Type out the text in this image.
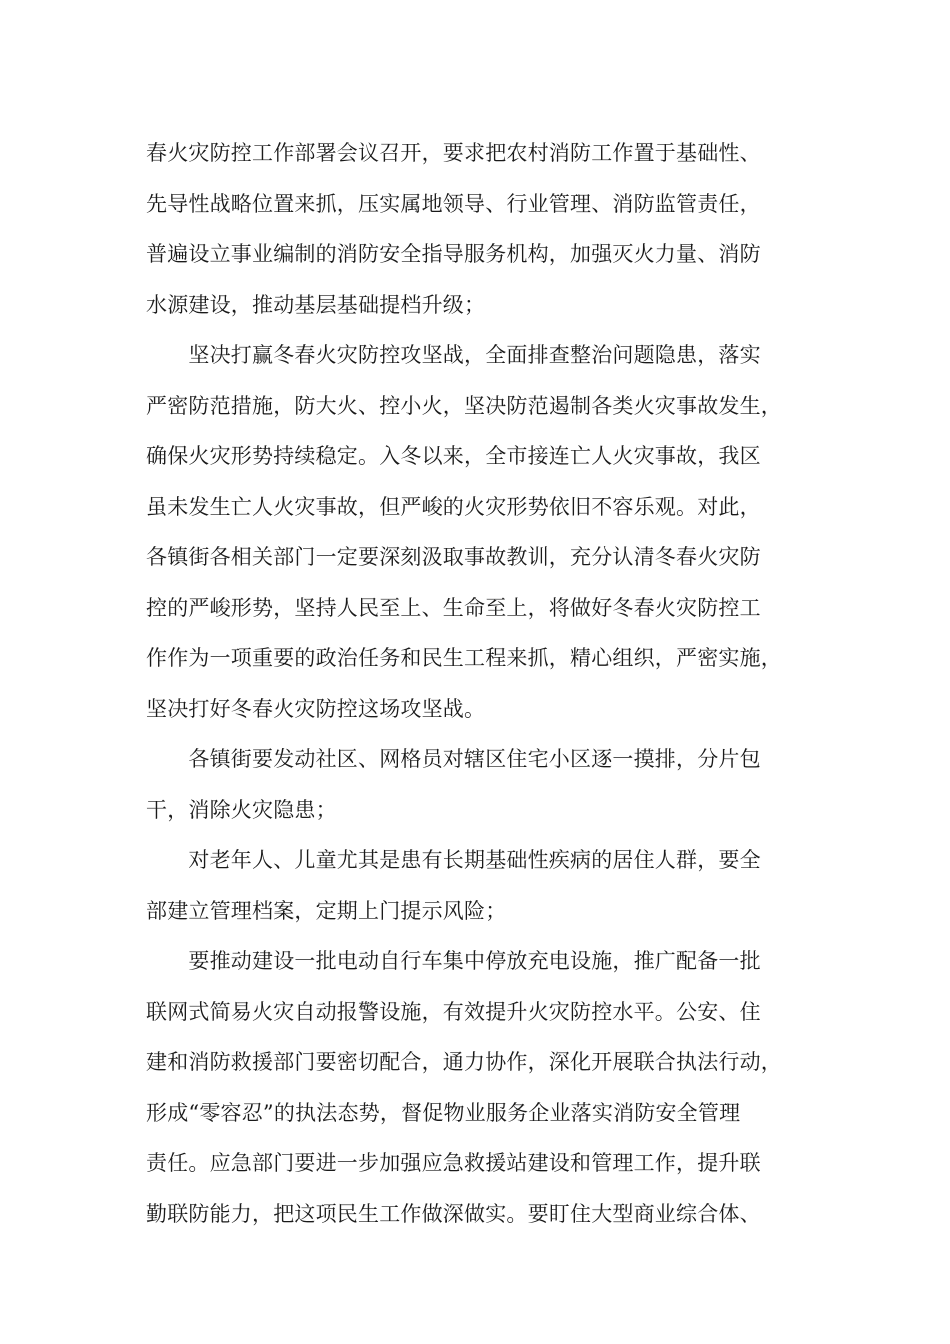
春火灾防控工作部署会议召开，要求把农村消防工作置于基础性、
先导性战略位置来抓，压实属地领导、行业管理、消防监管责任，
普遍设立事业编制的消防安全指导服务机构，加强灭火力量、消防
水源建设，推动基层基础提档升级；

　　坚决打赢冬春火灾防控攻坚战，全面排查整治问题隐患，落实
严密防范措施，防大火、控小火，坚决防范遏制各类火灾事故发生，
确保火灾形势持续稳定。入冬以来，全市接连亡人火灾事故，我区
虽未发生亡人火灾事故，但严峻的火灾形势依旧不容乐观。对此，
各镇街各相关部门一定要深刻汲取事故教训，充分认清冬春火灾防
控的严峻形势，坚持人民至上、生命至上，将做好冬春火灾防控工
作作为一项重要的政治任务和民生工程来抓，精心组织，严密实施，
坚决打好冬春火灾防控这场攻坚战。

　　各镇街要发动社区、网格员对辖区住宅小区逐一摸排，分片包
干，消除火灾隐患；

　　对老年人、儿童尤其是患有长期基础性疾病的居住人群，要全
部建立管理档案，定期上门提示风险；

　　要推动建设一批电动自行车集中停放充电设施，推广配备一批
联网式简易火灾自动报警设施，有效提升火灾防控水平。公安、住
建和消防救援部门要密切配合，通力协作，深化开展联合执法行动，
形成“零容忍”的执法态势，督促物业服务企业落实消防安全管理
责任。应急部门要进一步加强应急救援站建设和管理工作，提升联
勤联防能力，把这项民生工作做深做实。要盯住大型商业综合体、
